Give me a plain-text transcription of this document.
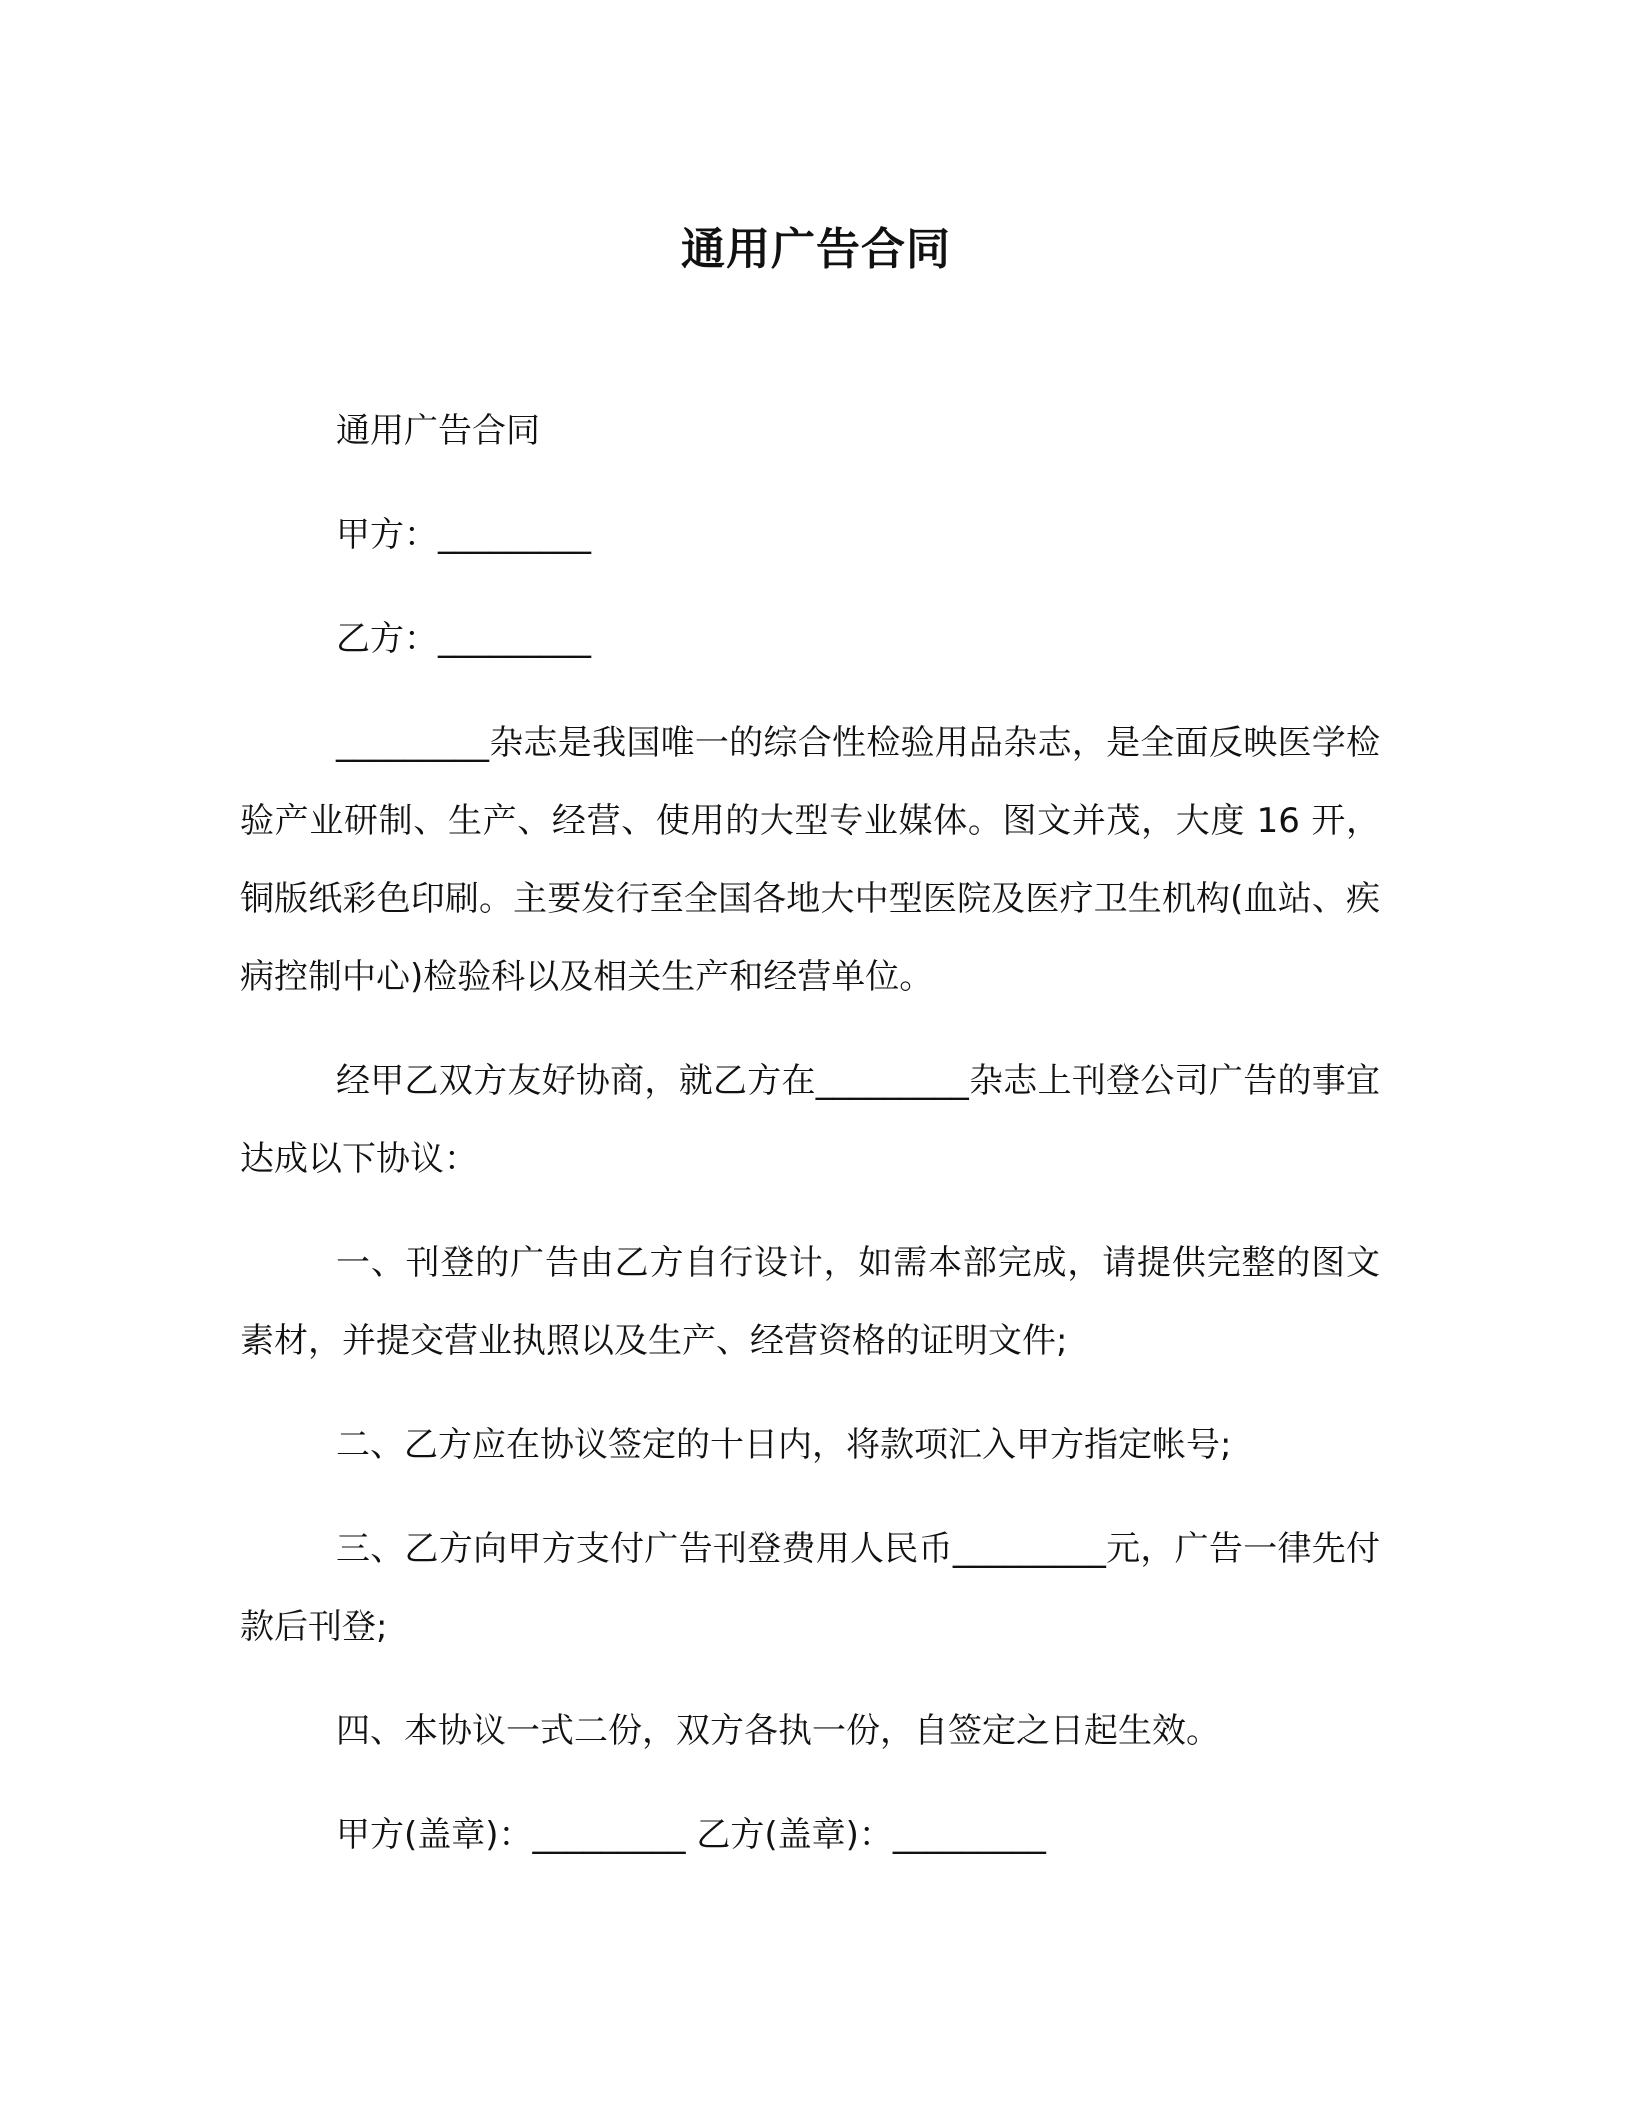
通用广告合同

通用广告合同

甲方：_________

乙方：_________

_________杂志是我国唯一的综合性检验用品杂志，是全面反映医学检验产业研制、生产、经营、使用的大型专业媒体。图文并茂，大度 16 开，铜版纸彩色印刷。主要发行至全国各地大中型医院及医疗卫生机构(血站、疾病控制中心)检验科以及相关生产和经营单位。

经甲乙双方友好协商，就乙方在_________杂志上刊登公司广告的事宜达成以下协议：

一、刊登的广告由乙方自行设计，如需本部完成，请提供完整的图文素材，并提交营业执照以及生产、经营资格的证明文件;

二、乙方应在协议签定的十日内，将款项汇入甲方指定帐号;

三、乙方向甲方支付广告刊登费用人民币_________元，广告一律先付款后刊登;

四、本协议一式二份，双方各执一份，自签定之日起生效。

甲方(盖章)：_________ 乙方(盖章)：_________
